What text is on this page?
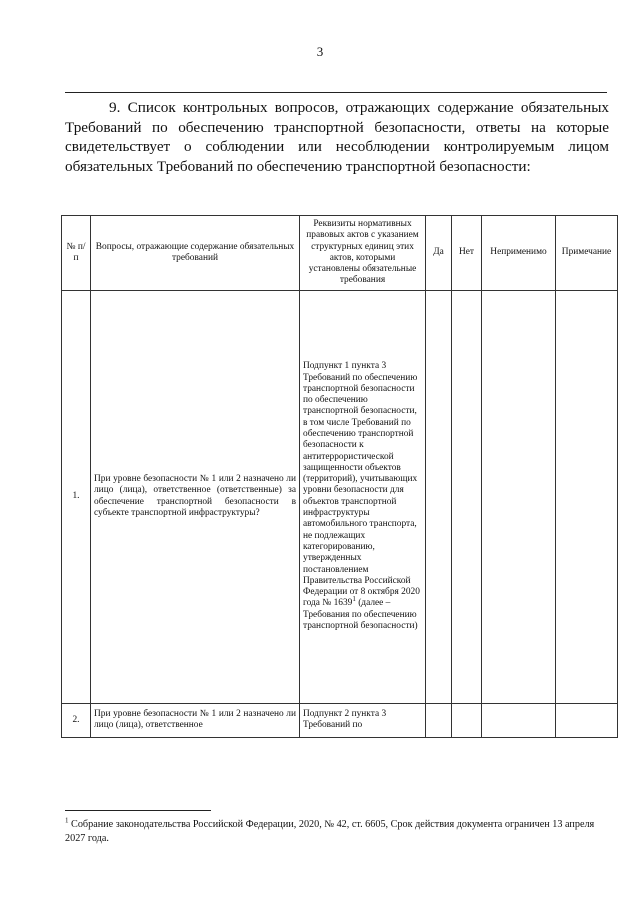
3

9. Список контрольных вопросов, отражающих содержание обязательных Требований по обеспечению транспортной безопасности, ответы на которые свидетельствует о соблюдении или несоблюдении контролируемым лицом обязательных Требований по обеспечению транспортной безопасности:

№ п/п	Вопросы, отражающие содержание обязательных требований	Реквизиты нормативных правовых актов с указанием структурных единиц этих актов, которыми установлены обязательные требования	Да	Нет	Неприменимо	Примечание
1.	При уровне безопасности № 1 или 2 назначено ли лицо (лица), ответственное (ответственные) за обеспечение транспортной безопасности в субъекте транспортной инфраструктуры?	Подпункт 1 пункта 3 Требований по обеспечению транспортной безопасности по обеспечению транспортной безопасности, в том числе Требований по обеспечению транспортной безопасности к антитеррористической защищенности объектов (территорий), учитывающих уровни безопасности для объектов транспортной инфраструктуры автомобильного транспорта, не подлежащих категорированию, утвержденных постановлением Правительства Российской Федерации от 8 октября 2020 года № 1639$^1$ (далее – Требования по обеспечению транспортной безопасности)				
2.	При уровне безопасности № 1 или 2 назначено ли лицо (лица), ответственное	Подпункт 2 пункта 3 Требований по				

$^1$ Собрание законодательства Российской Федерации, 2020, № 42, ст. 6605, Срок действия документа ограничен 13 апреля 2027 года.
